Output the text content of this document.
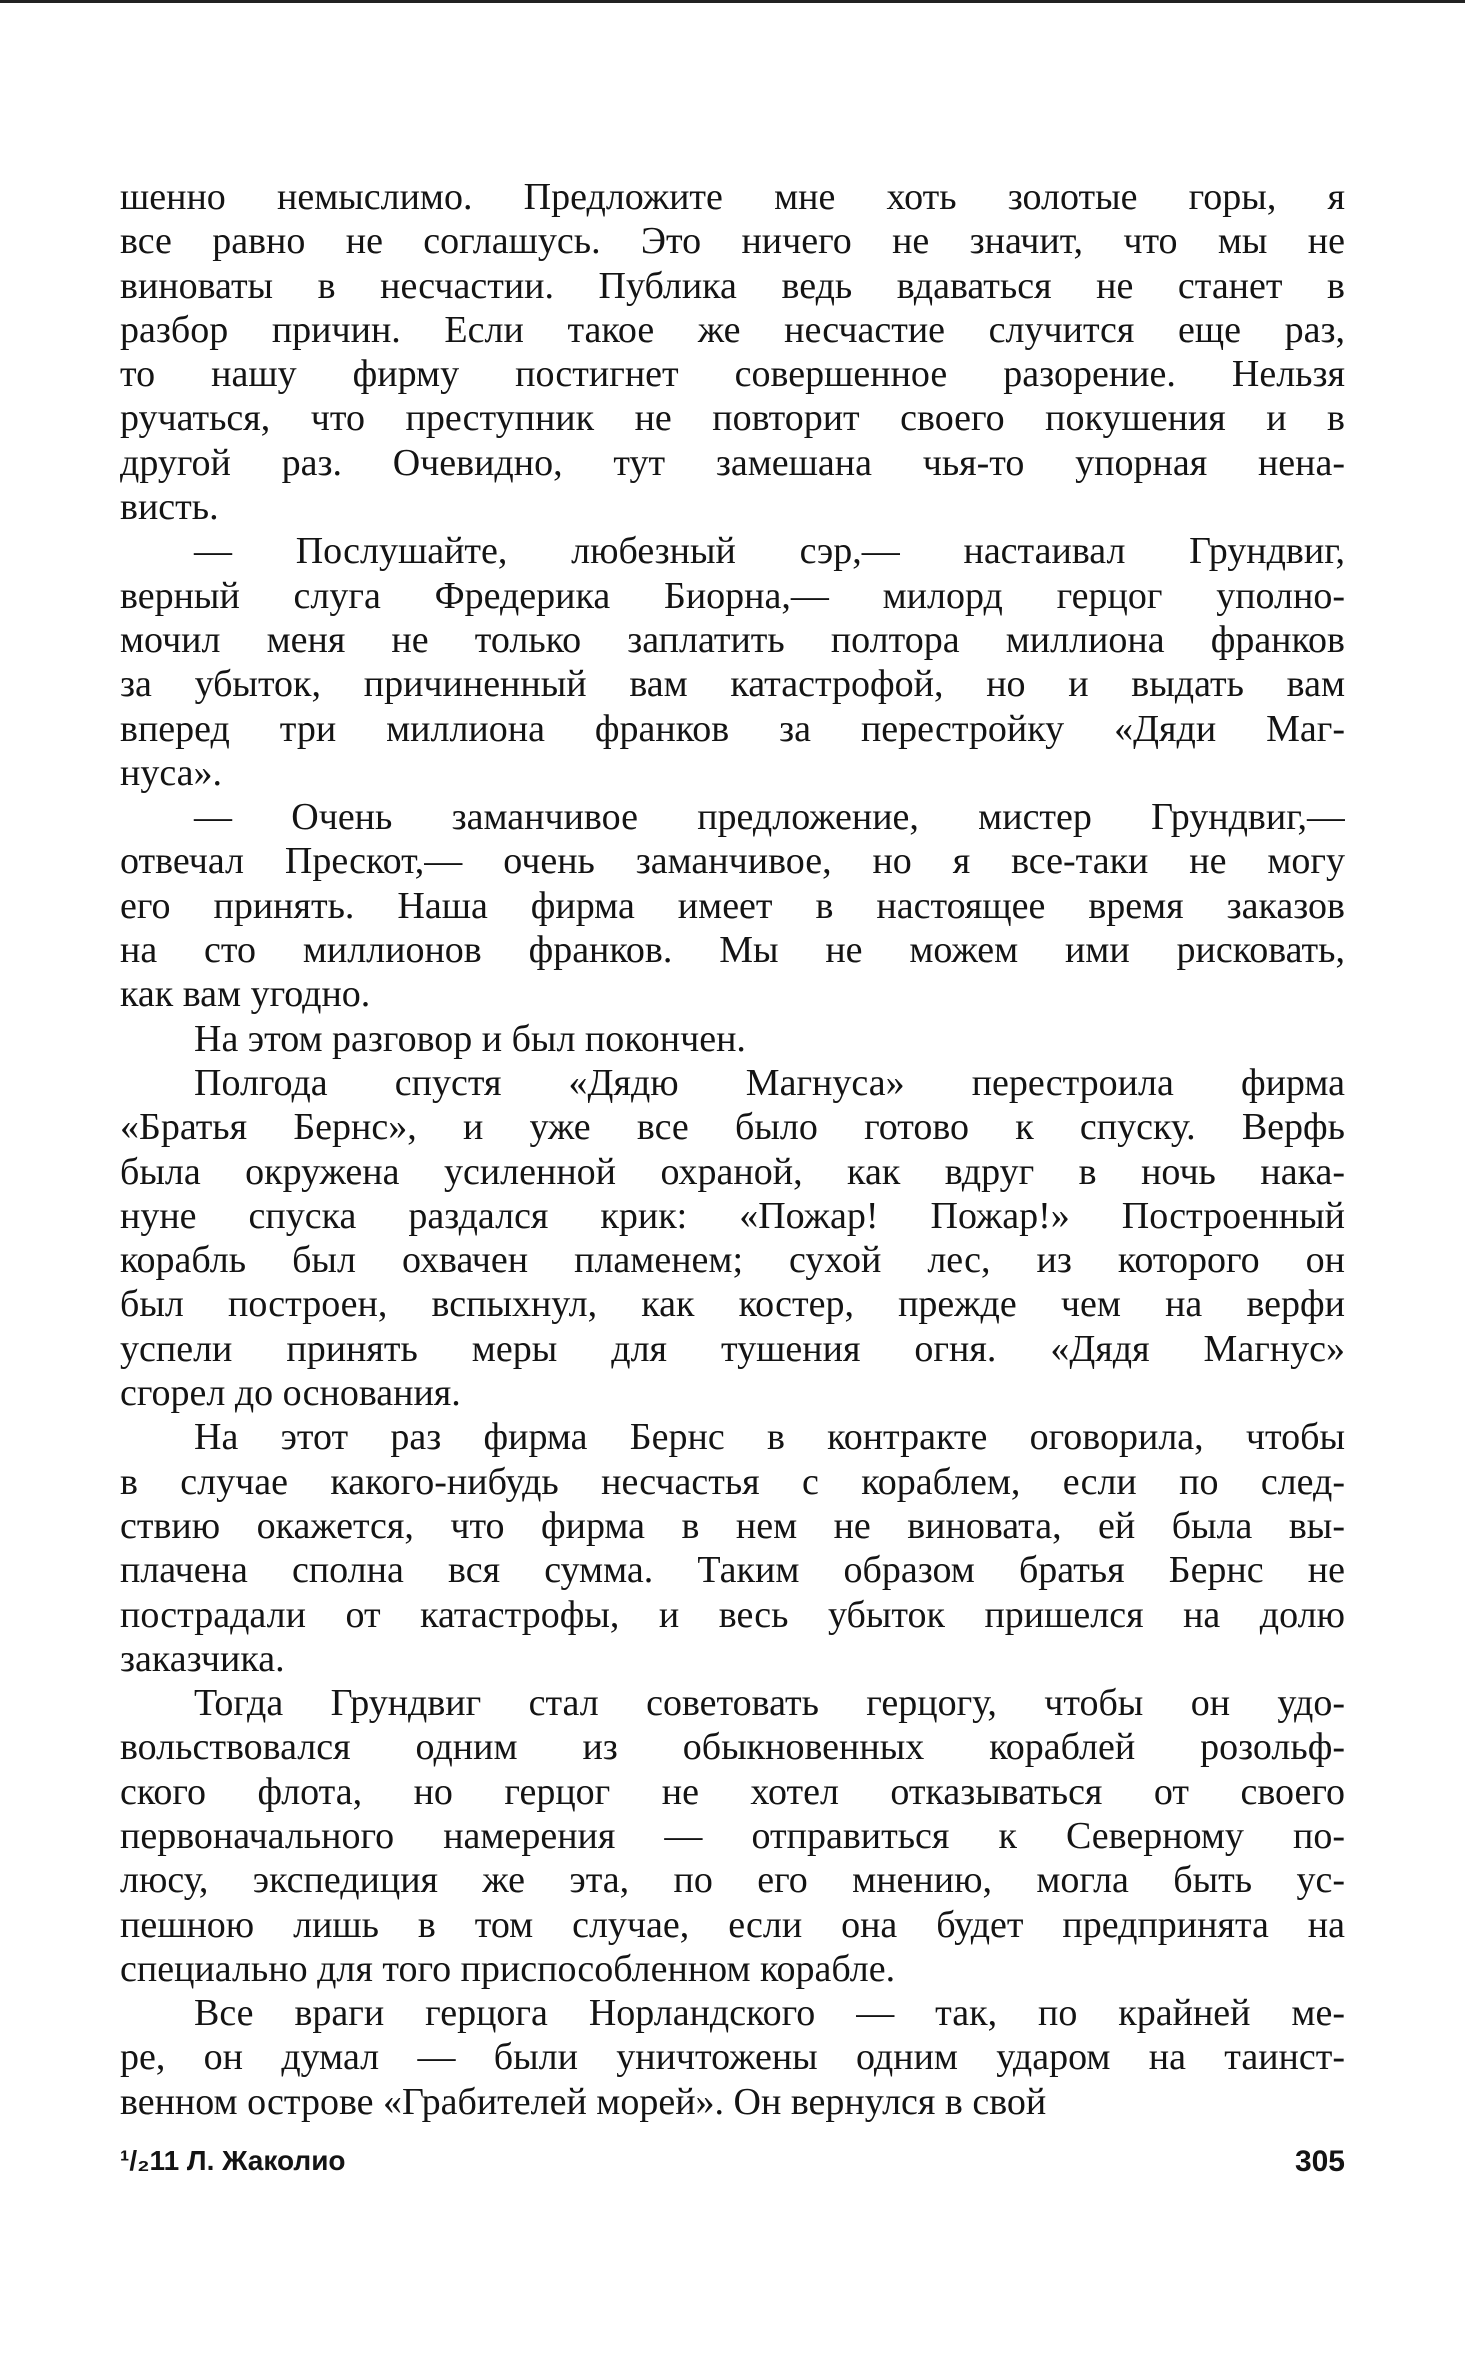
шенно немыслимо. Предложите мне хоть золотые горы, я
все равно не соглашусь. Это ничего не значит, что мы не
виноваты в несчастии. Публика ведь вдаваться не станет в
разбор причин. Если такое же несчастие случится еще раз,
то нашу фирму постигнет совершенное разорение. Нельзя
ручаться, что преступник не повторит своего покушения и в
другой раз. Очевидно, тут замешана чья-то упорная нена-
висть.
— Послушайте, любезный сэр,— настаивал Грундвиг,
верный слуга Фредерика Биорна,— милорд герцог уполно-
мочил меня не только заплатить полтора миллиона франков
за убыток, причиненный вам катастрофой, но и выдать вам
вперед три миллиона франков за перестройку «Дяди Маг-
нуса».
— Очень заманчивое предложение, мистер Грундвиг,—
отвечал Прескот,— очень заманчивое, но я все-таки не могу
его принять. Наша фирма имеет в настоящее время заказов
на сто миллионов франков. Мы не можем ими рисковать,
как вам угодно.
На этом разговор и был покончен.
Полгода спустя «Дядю Магнуса» перестроила фирма
«Братья Бернс», и уже все было готово к спуску. Верфь
была окружена усиленной охраной, как вдруг в ночь нака-
нуне спуска раздался крик: «Пожар! Пожар!» Построенный
корабль был охвачен пламенем; сухой лес, из которого он
был построен, вспыхнул, как костер, прежде чем на верфи
успели принять меры для тушения огня. «Дядя Магнус»
сгорел до основания.
На этот раз фирма Бернс в контракте оговорила, чтобы
в случае какого-нибудь несчастья с кораблем, если по след-
ствию окажется, что фирма в нем не виновата, ей была вы-
плачена сполна вся сумма. Таким образом братья Бернс не
пострадали от катастрофы, и весь убыток пришелся на долю
заказчика.
Тогда Грундвиг стал советовать герцогу, чтобы он удо-
вольствовался одним из обыкновенных кораблей розольф-
ского флота, но герцог не хотел отказываться от своего
первоначального намерения — отправиться к Северному по-
люсу, экспедиция же эта, по его мнению, могла быть ус-
пешною лишь в том случае, если она будет предпринята на
специально для того приспособленном корабле.
Все враги герцога Норландского — так, по крайней ме-
ре, он думал — были уничтожены одним ударом на таинст-
венном острове «Грабителей морей». Он вернулся в свой
¹/₂11 Л. Жаколио	305
